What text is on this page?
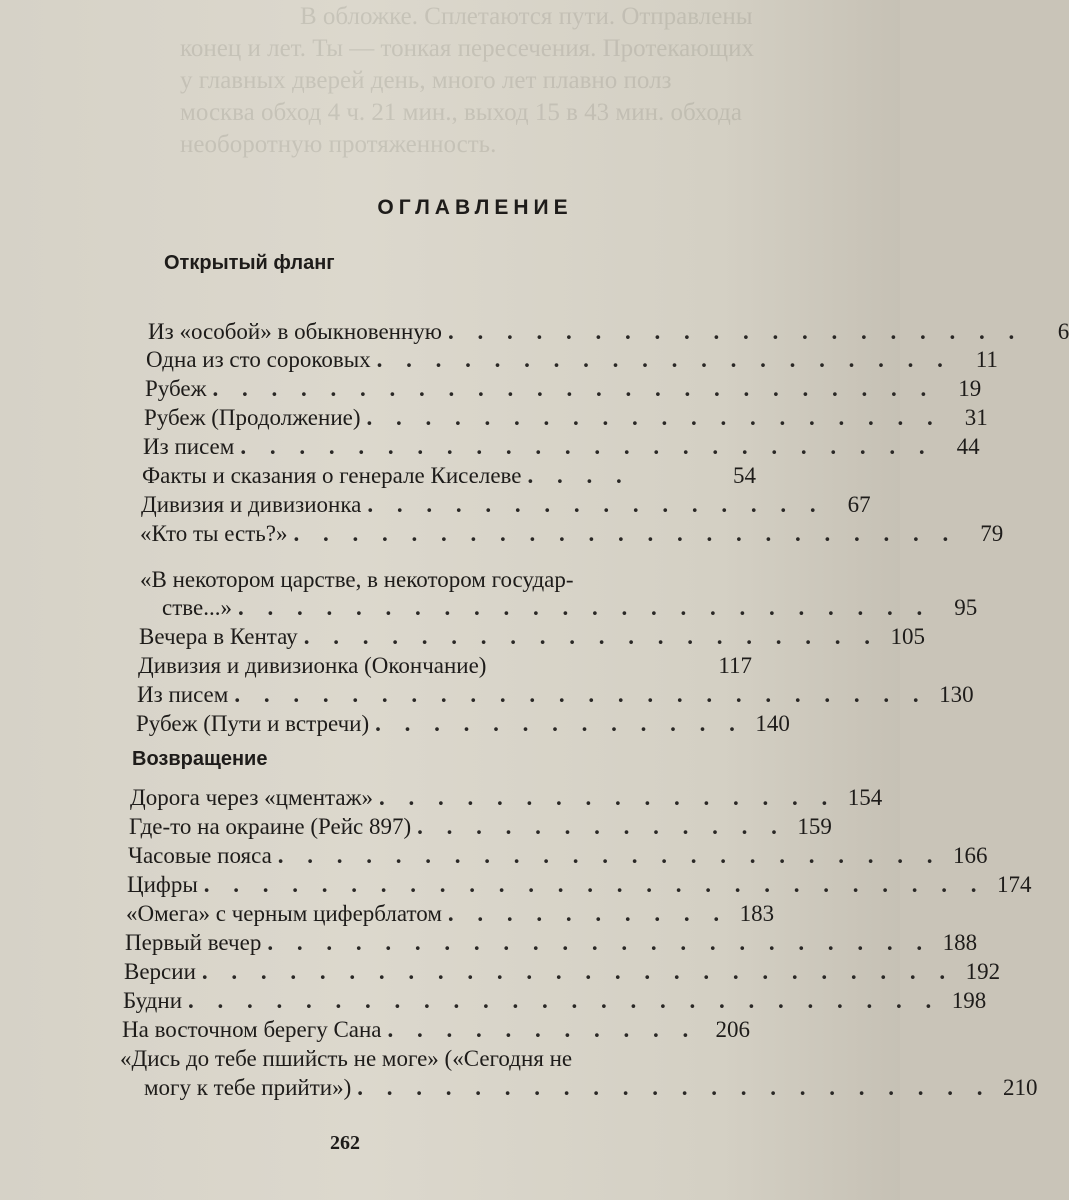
В обложке. Сплетаются пути. Отправлены
конец и лет. Ты — тонкая пересечения. Протекающих
у главных дверей день, много лет плавно полз
москва обход 4 ч. 21 мин., выход 15 в 43 мин. обхода
необоротную протяженность.
ОГЛАВЛЕНИЕ
Открытый фланг
Из «особой» в обыкновенную . . . . . . . . . . . . . . . . . . . .	6
Одна из сто сороковых . . . . . . . . . . . . . . . . . . . .	11
Рубеж . . . . . . . . . . . . . . . . . . . . . . . . .	19
Рубеж (Продолжение) . . . . . . . . . . . . . . . . . . . .	31
Из писем . . . . . . . . . . . . . . . . . . . . . . . .	44
Факты и сказания о генерале Киселеве . . . .	54
Дивизия и дивизионка . . . . . . . . . . . . . . . .	67
«Кто ты есть?» . . . . . . . . . . . . . . . . . . . . . . .	79
«В некотором царстве, в некотором государ-
стве...» . . . . . . . . . . . . . . . . . . . . . . . .	95
Вечера в Кентау . . . . . . . . . . . . . . . . . . . . 105
Дивизия и дивизионка (Окончание)	117
Из писем . . . . . . . . . . . . . . . . . . . . . . . . 130
Рубеж (Пути и встречи) . . . . . . . . . . . . . 140
Возвращение
Дорога через «цментаж» . . . . . . . . . . . . . . . . 154
Где-то на окраине (Рейс 897) . . . . . . . . . . . . . 159
Часовые пояса . . . . . . . . . . . . . . . . . . . . . . . 166
Цифры . . . . . . . . . . . . . . . . . . . . . . . . . . . 174
«Омега» с черным циферблатом . . . . . . . . . . 183
Первый вечер . . . . . . . . . . . . . . . . . . . . . . . 188
Версии . . . . . . . . . . . . . . . . . . . . . . . . . . 192
Будни . . . . . . . . . . . . . . . . . . . . . . . . . . 198
На восточном берегу Сана . . . . . . . . . . . 206
«Дись до тебе пшийсть не моге» («Сегодня не
могу к тебе прийти») . . . . . . . . . . . . . . . . . . . . . . 210
262
